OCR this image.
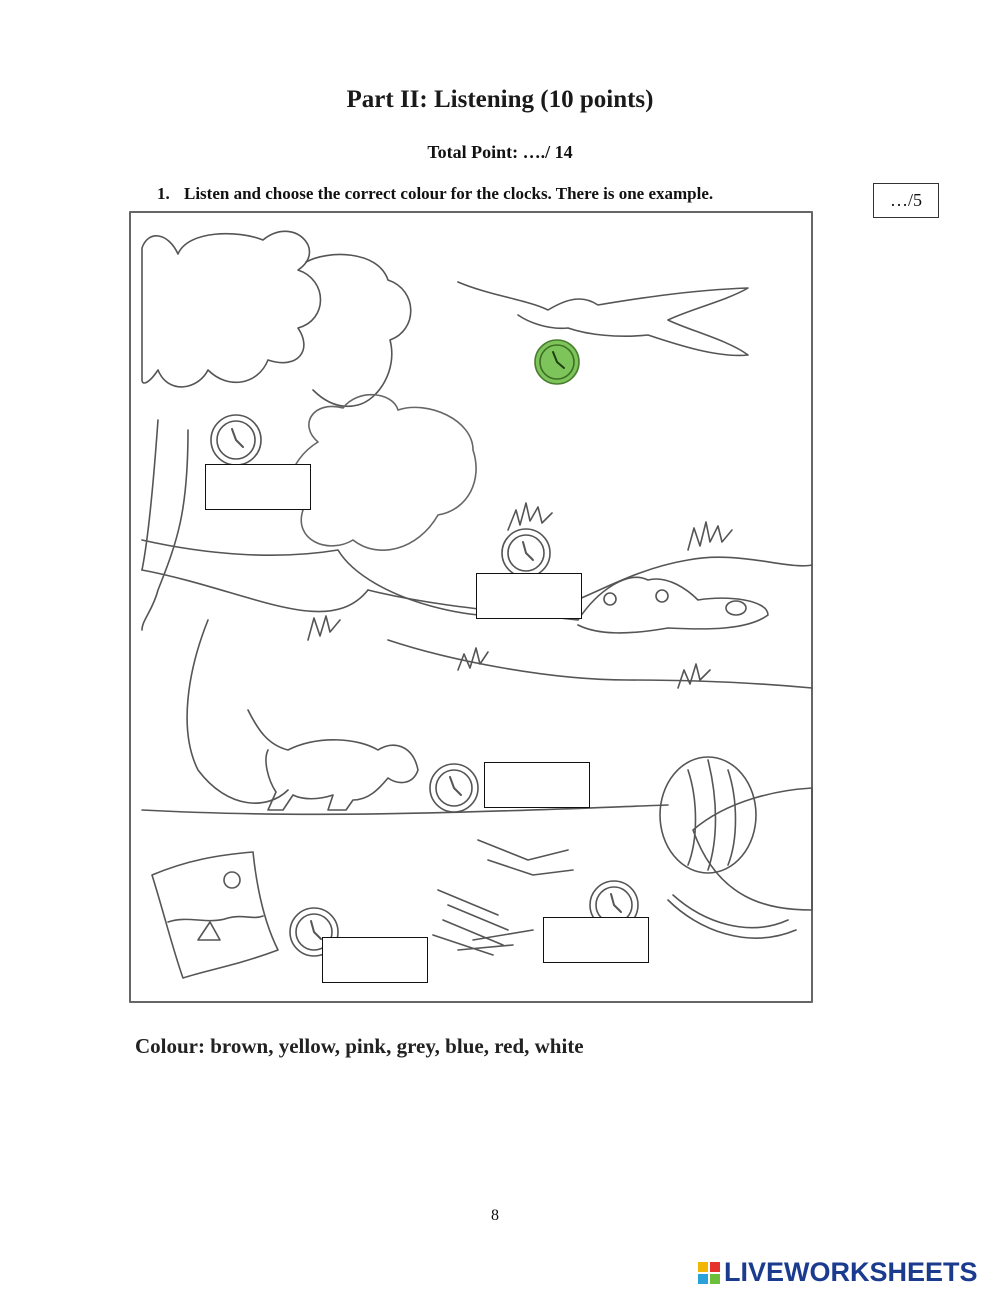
Part II: Listening (10 points)
Total Point: …./ 14
1. Listen and choose the correct colour for the clocks. There is one example.	…/5
Colour: brown, yellow, pink, grey, blue, red, white
8
LIVEWORKSHEETS
